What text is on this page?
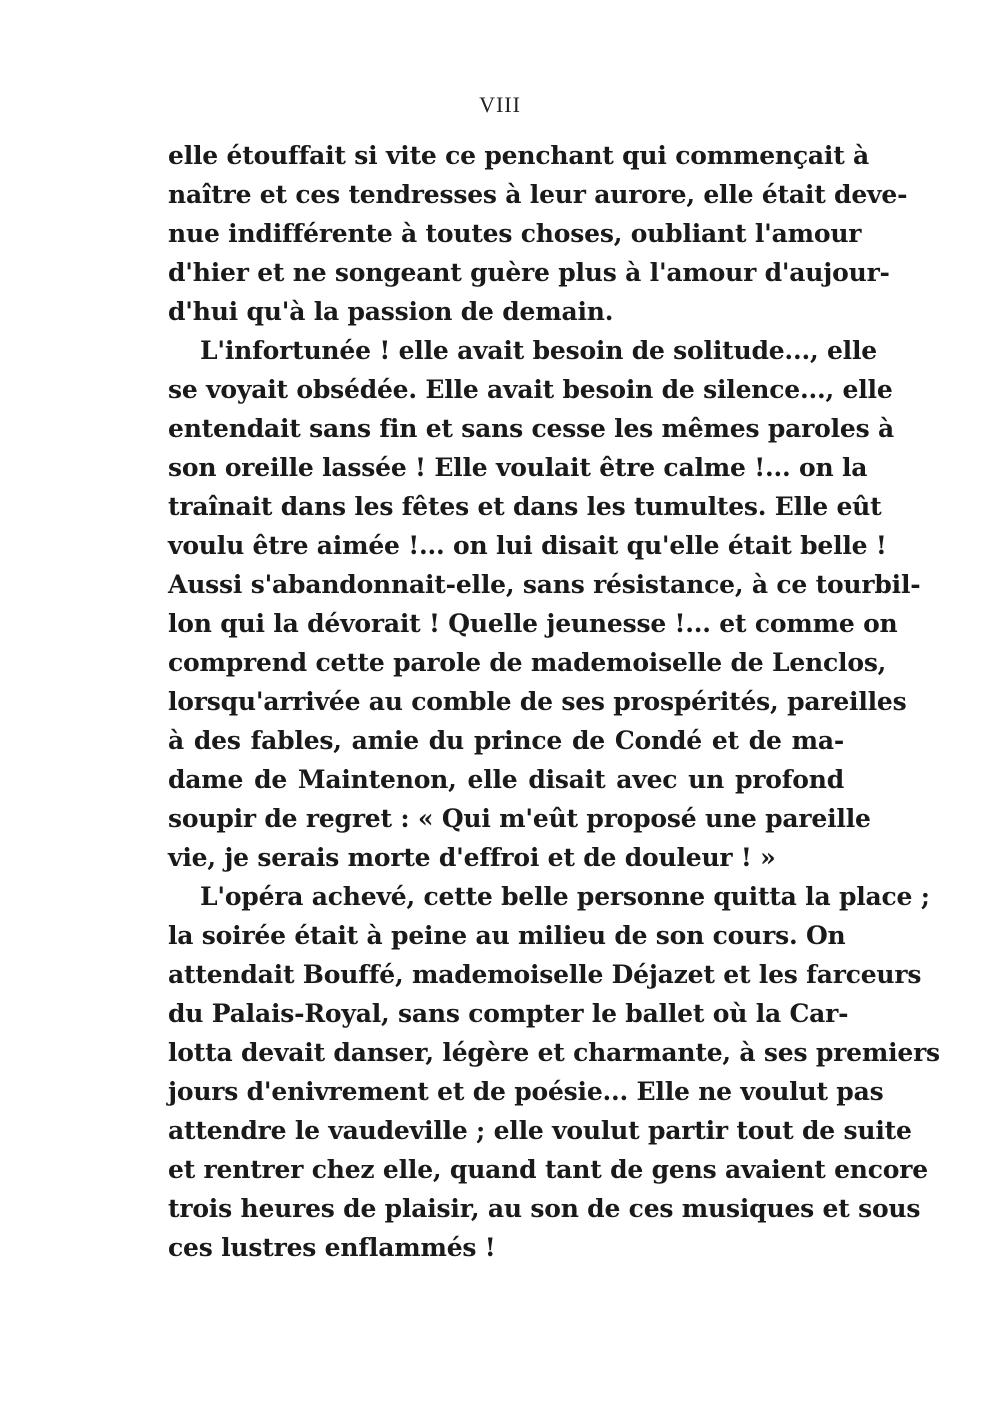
VIII
elle étouffait si vite ce penchant qui commençait à
naître et ces tendresses à leur aurore, elle était deve-
nue indifférente à toutes choses, oubliant l'amour
d'hier et ne songeant guère plus à l'amour d'aujour-
d'hui qu'à la passion de demain.
L'infortunée ! elle avait besoin de solitude..., elle
se voyait obsédée. Elle avait besoin de silence..., elle
entendait sans fin et sans cesse les mêmes paroles à
son oreille lassée ! Elle voulait être calme !... on la
traînait dans les fêtes et dans les tumultes. Elle eût
voulu être aimée !... on lui disait qu'elle était belle !
Aussi s'abandonnait-elle, sans résistance, à ce tourbil-
lon qui la dévorait ! Quelle jeunesse !... et comme on
comprend cette parole de mademoiselle de Lenclos,
lorsqu'arrivée au comble de ses prospérités, pareilles
à des fables, amie du prince de Condé et de ma-
dame de Maintenon, elle disait avec un profond
soupir de regret : « Qui m'eût proposé une pareille
vie, je serais morte d'effroi et de douleur ! »
L'opéra achevé, cette belle personne quitta la place ;
la soirée était à peine au milieu de son cours. On
attendait Bouffé, mademoiselle Déjazet et les farceurs
du Palais-Royal, sans compter le ballet où la Car-
lotta devait danser, légère et charmante, à ses premiers
jours d'enivrement et de poésie... Elle ne voulut pas
attendre le vaudeville ; elle voulut partir tout de suite
et rentrer chez elle, quand tant de gens avaient encore
trois heures de plaisir, au son de ces musiques et sous
ces lustres enflammés !
